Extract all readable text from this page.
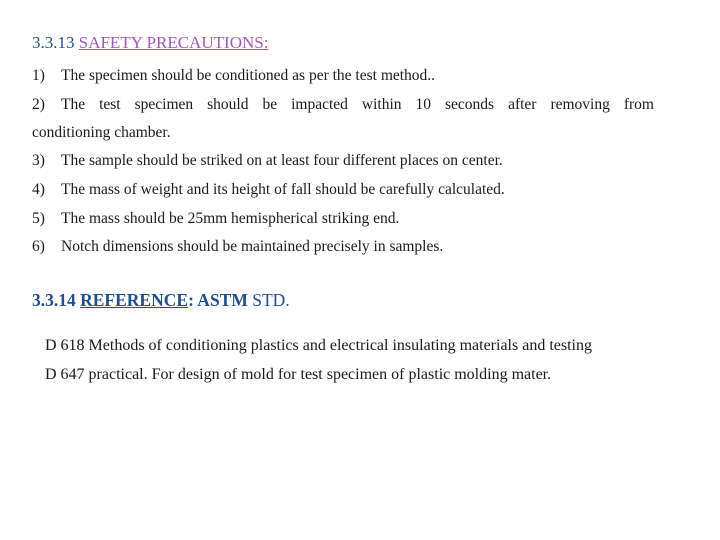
3.3.13 SAFETY PRECAUTIONS:
1) The specimen should be conditioned as per the test method..
2) The test specimen should be impacted within 10 seconds after removing from
conditioning chamber.
3) The sample should be striked on at least four different places on center.
4) The mass of weight and its height of fall should be carefully calculated.
5) The mass should be 25mm hemispherical striking end.
6) Notch dimensions should be maintained precisely in samples.
3.3.14 REFERENCE: ASTM STD.
D 618 Methods of conditioning plastics and electrical insulating materials and testing
D 647 practical. For design of mold for test specimen of plastic molding mater.
